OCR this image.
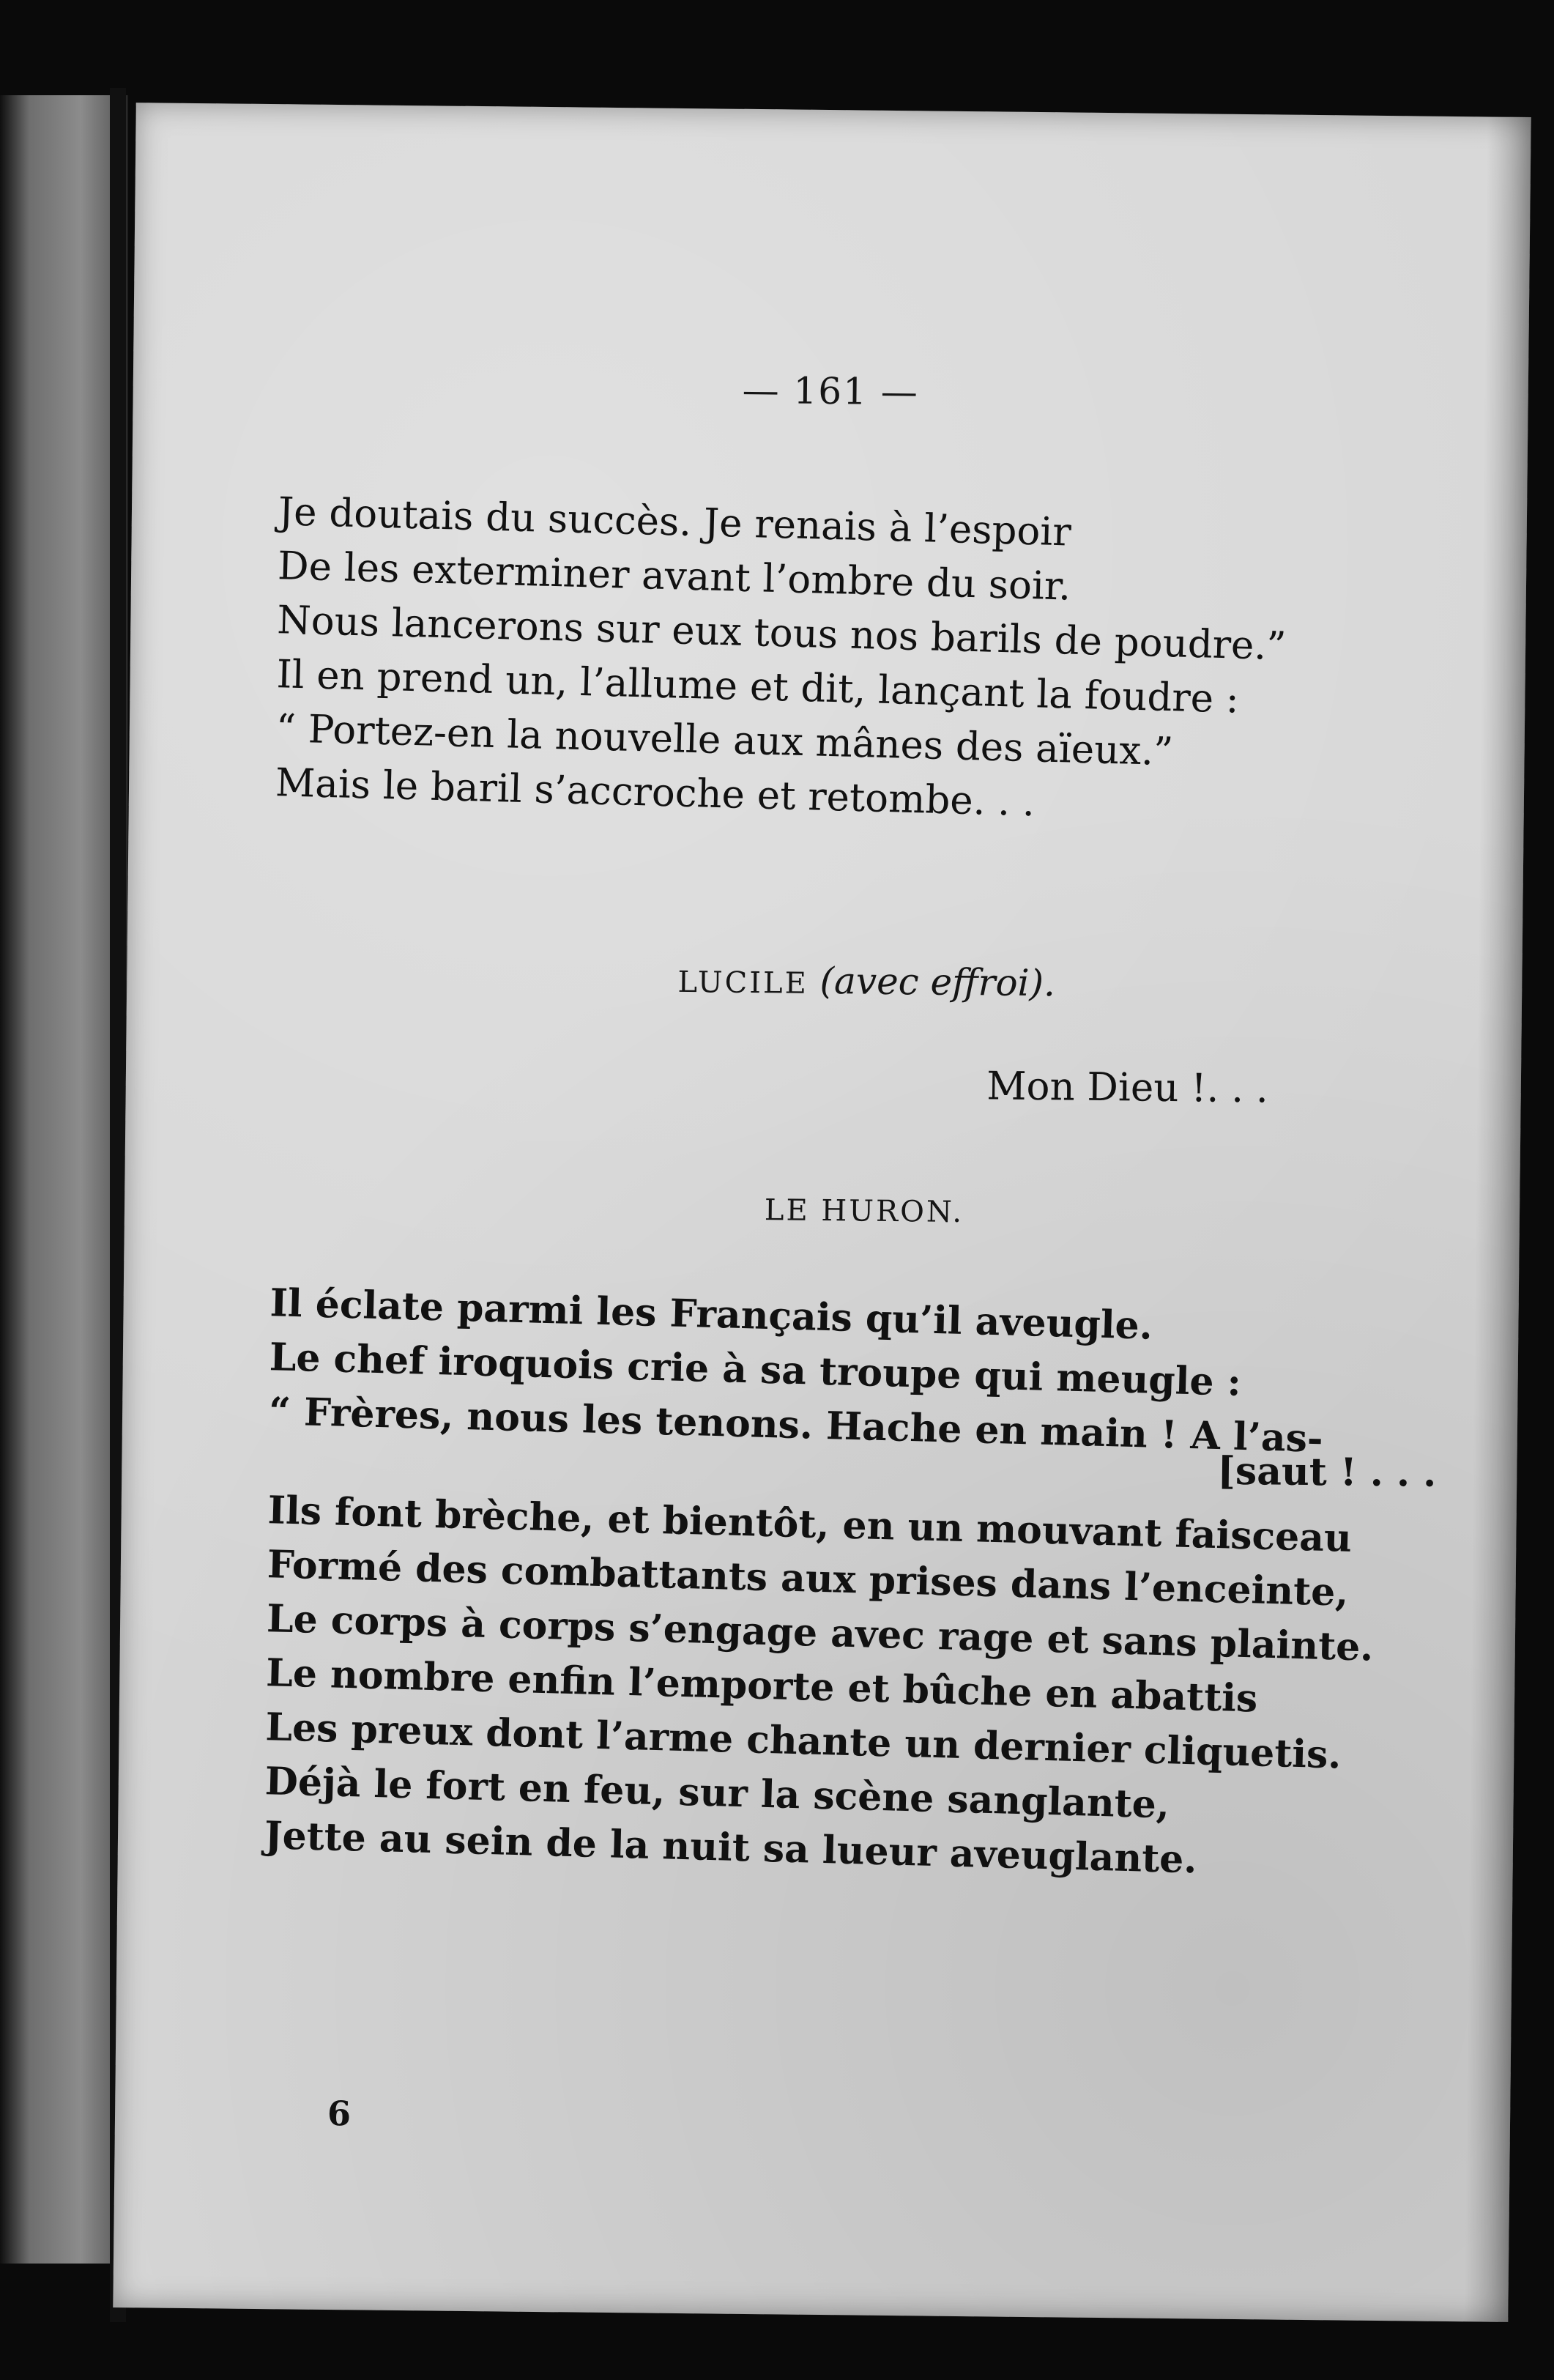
— 161 —
Je doutais du succès. Je renais à l’espoir
De les exterminer avant l’ombre du soir.
Nous lancerons sur eux tous nos barils de poudre.”
Il en prend un, l’allume et dit, lançant la foudre :
“ Portez-en la nouvelle aux mânes des aïeux.”
Mais le baril s’accroche et retombe. . .
LUCILE (avec effroi).
Mon Dieu !. . .
LE HURON.
Il éclate parmi les Français qu’il aveugle.
Le chef iroquois crie à sa troupe qui meugle :
“ Frères, nous les tenons. Hache en main ! A l’as-
[saut ! . . .
Ils font brèche, et bientôt, en un mouvant faisceau
Formé des combattants aux prises dans l’enceinte,
Le corps à corps s’engage avec rage et sans plainte.
Le nombre enfin l’emporte et bûche en abattis
Les preux dont l’arme chante un dernier cliquetis.
Déjà le fort en feu, sur la scène sanglante,
Jette au sein de la nuit sa lueur aveuglante.
6
